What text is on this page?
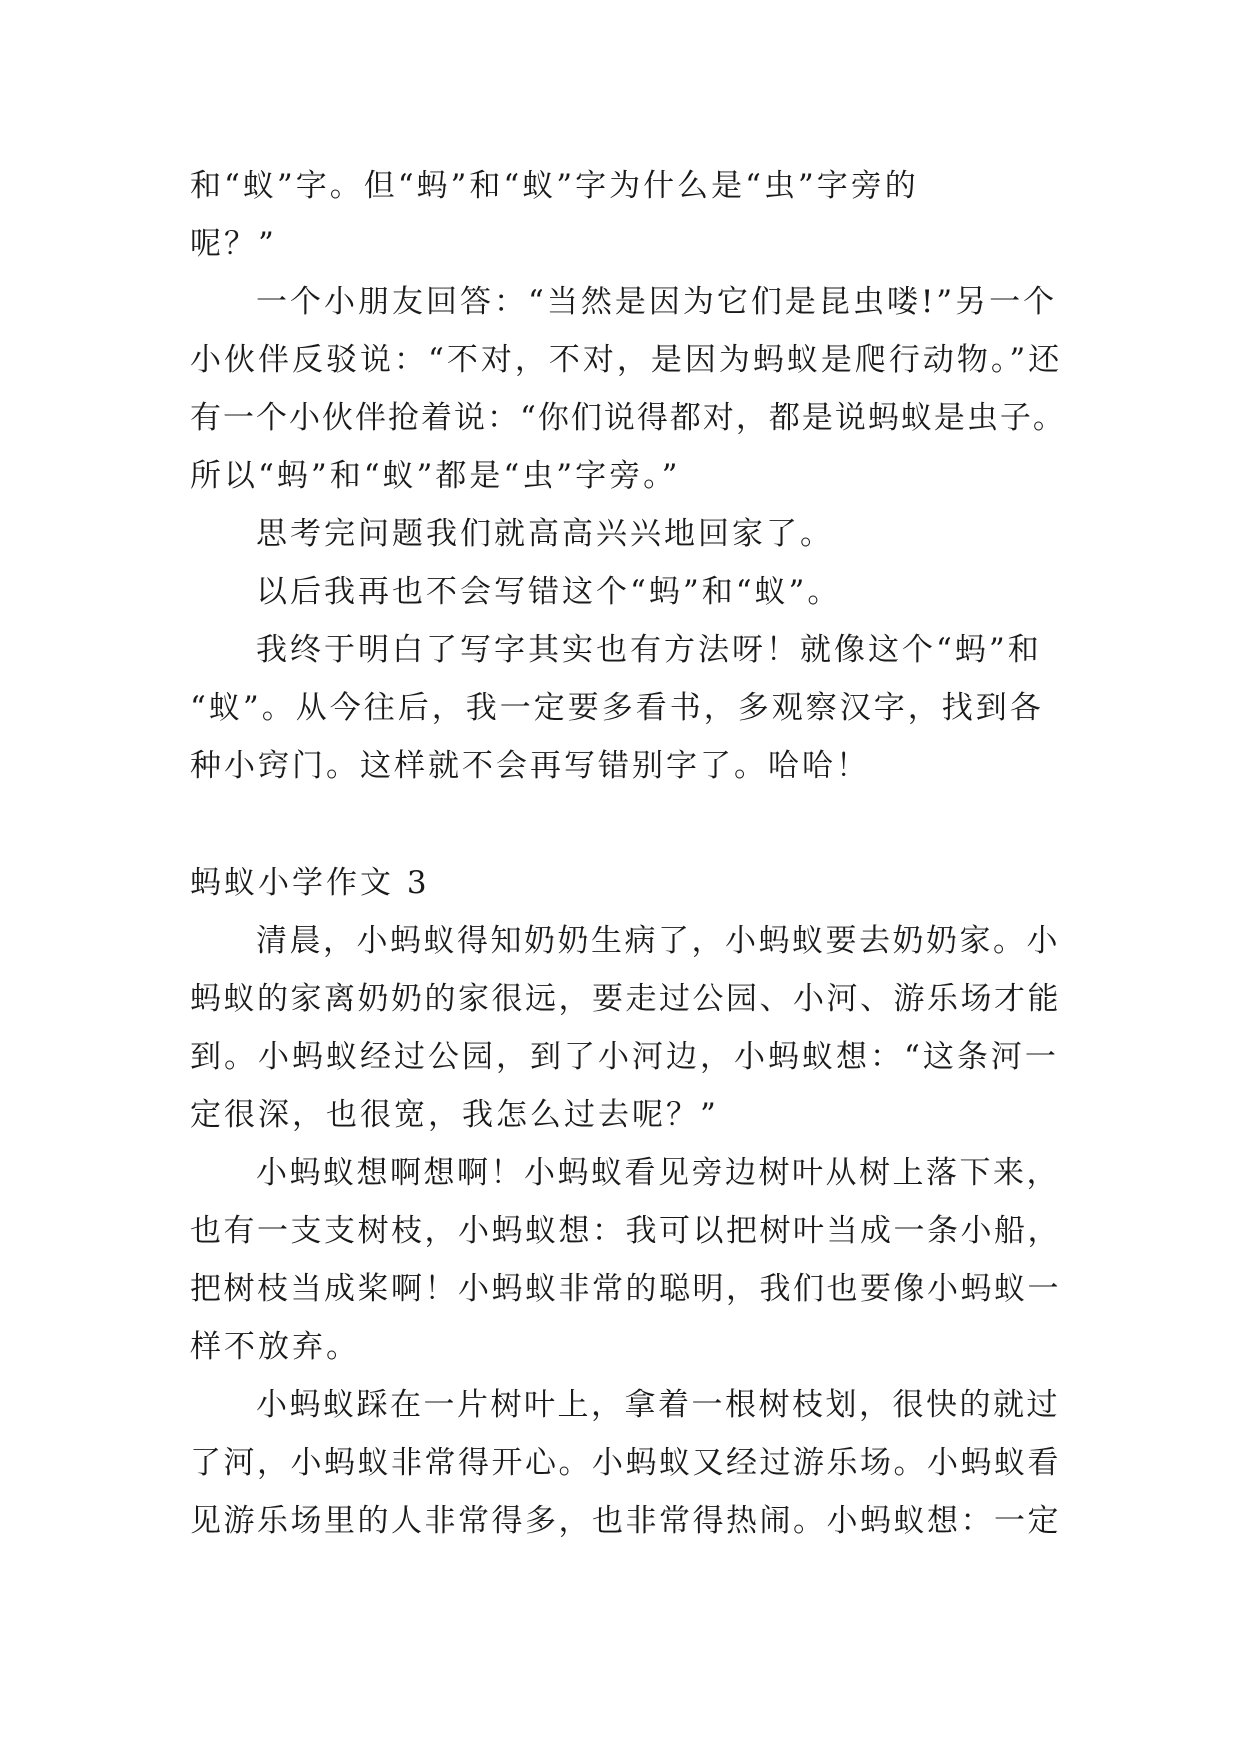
和“蚁”字。但“蚂”和“蚁”字为什么是“虫”字旁的
呢？”
一个小朋友回答：“当然是因为它们是昆虫喽!”另一个
小伙伴反驳说：“不对，不对，是因为蚂蚁是爬行动物。”还
有一个小伙伴抢着说：“你们说得都对，都是说蚂蚁是虫子。
所以“蚂”和“蚁”都是“虫”字旁。”
思考完问题我们就高高兴兴地回家了。
以后我再也不会写错这个“蚂”和“蚁”。
我终于明白了写字其实也有方法呀！就像这个“蚂”和
“蚁”。从今往后，我一定要多看书，多观察汉字，找到各
种小窍门。这样就不会再写错别字了。哈哈！
蚂蚁小学作文 3
清晨，小蚂蚁得知奶奶生病了，小蚂蚁要去奶奶家。小
蚂蚁的家离奶奶的家很远，要走过公园、小河、游乐场才能
到。小蚂蚁经过公园，到了小河边，小蚂蚁想：“这条河一
定很深，也很宽，我怎么过去呢？”
小蚂蚁想啊想啊！小蚂蚁看见旁边树叶从树上落下来，
也有一支支树枝，小蚂蚁想：我可以把树叶当成一条小船，
把树枝当成桨啊！小蚂蚁非常的聪明，我们也要像小蚂蚁一
样不放弃。
小蚂蚁踩在一片树叶上，拿着一根树枝划，很快的就过
了河，小蚂蚁非常得开心。小蚂蚁又经过游乐场。小蚂蚁看
见游乐场里的人非常得多，也非常得热闹。小蚂蚁想：一定
